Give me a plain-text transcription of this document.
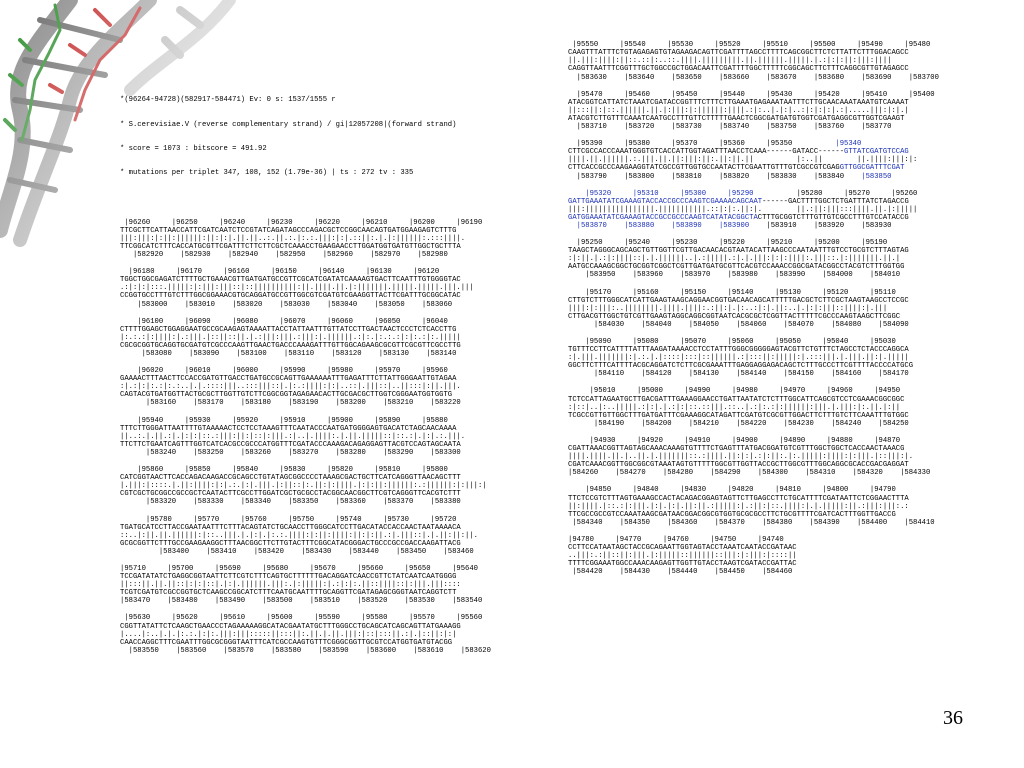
*(96264-94728)(582917-584471) Ev: 0 s: 1537/1555 r

* S.cerevisiae.V (reverse complementary strand) / gi|12057208|(forward strand)

* score = 1073 : bitscore = 491.92

* mutations per triplet 347, 108, 152 (1.79e-36) | ts : 272 tv : 335

|96260     |96250     |96240     |96230     |96220     |96210     |96200     |96190
TTCGCTTCATTAACCATTCGATCAATCTCCGTATCAGATAGCCCAGACGCTCCGGCAACAGTGATGGAAGAGTCTTTG
|||:|||:|:||:||||||:||:|:|.||.||..:.||.:.|:.:.|||:|:|.::||:.|.|:||||||:.:::||||.
TTCGGCATCTTTCACCATGCGTTCGATTTCTTCTTCGCTCAAACCTGAAGAACCTTGGATGGTGATGTTGGCTGCTTTA
|582920    |582930    |582940    |582950    |582960    |582970    |582980
|96180     |96170     |96160     |96150     |96140     |96130     |96120
TGGCTGGCGAGATCTTTTGCTGAAACGTTGATGATGCCGTTCGCATCGATATCAAAAGTGACTTCAATTTGTGGGGTAC
.:|:|:|:::.|||||:|:|||:|||::|::||||||||||:||.||||.||.|:|||||||.|||||.|||||.|||.|||
CCGGTGCCTTTGTCTTTGGCGGAAACGTGCAGGATGCCGTTGGCGTCGATGTCGAAGGTTACTTCGATTTGCGGCATAC
|583000    |583010    |583020    |583030    |583040    |583050    |583060
|96100     |96090     |96080     |96070     |96060     |96050     |96040
CTTTTGGAGCTGGAGGAATGCCGCAAGAGTAAAATTACCTATTAATTTGTTATCCTTGACTAACTCCCTCTCACCTTG
|:.:.:|:||||:|.:|||.|::||::||.|.:|||:|||.:|||:|.||||||.:|:.|:.:.:|:|:.:|:.|||||
CGCGCGGTGCAGGTGCGATGTCGCCCAAGTTGAACTGACCCAAAGATTTGTTGGCAGAAGCGCGTTCGCGTTCGCCTTG
|583080    |583090    |583100    |583110    |583120    |583130    |583140
|96020     |96010     |96000     |95990     |95980     |95970     |95960
GAAAACTTTAACTTCCACCGATGTTGACCTGATGCCGCAGTTGAAAAAATTTGAGATTTCTTATTGGGAATTGTAGAA
:|.:|:|:.:|:.:..|.|.::::|||..:::|||::|.|:.:||||:|:|..::|.|||::|..||:::|:||.|||.
CAGTACGTGATGGTTACTGCGCTTGGTTGTCTTCGGCGGTAGAGAACACTTGCGACGCTTGGTCGGGAATGGTGGTG
|583160    |583170    |583180    |583190    |583200    |583210    |583220
|95940     |95930     |95920     |95910     |95900     |95890     |95880
TTTCTTGGGATTAATTTTGTAAAAACTCCTCCTAAAGTTTCAATACCCAATGATGGGGAGTGACATCTAGCAACAAAA
||..:.|.||.:|.|:|:|::.:|||:||:|::|:|||.:|..|.||||:.|.||.|||||::|::.:|.|:|.:.|||.
TTCTTCTGAATCAGTTTGGTCATCACGCCGCCCATGGTTTCGATACCCAAAGACAGAGGAGTTACGTCCAGTAGCAATA
|583240    |583250    |583260    |583270    |583280    |583290    |583300
|95860     |95850     |95840     |95830     |95820     |95810     |95800
CATCGGTAACTTCACCAGACAAGACCGCAGCCTGTATAGCGGCCCCTAAAGCGACTGCTTCATCAGGGTTAACAGCTTT
|.|||:|::::.|.||:||||:|:|.:.|:|.|||.|:||::|:.||:|:||||.|:|:||:||||||:.:||||||:|:|||:|
CGTCGCTGCGGCCGCCGCTCAATACTTCGCCTTGGATCGCTGCGCCTACGGCAACGGCTTCGTCAGGGTTCACGTCTTT
|583320    |583330    |583340    |583350    |583360    |583370    |583380
|95780     |95770     |95760     |95750     |95740     |95730     |95720
TGATGCATCCTTACCGAATAATTTCTTTACAGTATCTGCAACCTTGGGCATCCTTGACATACCACCAACTAATAAAACA
::..|:||.||.||||||:|::..|||.|.|:|.|:.:.||||:|:||:||||:||:|:||.:|.|||::|.|.||:||:||.
GCGCGGTTCTTTGCCGAAGAAGGCTTTAACGGCTTCTTGTACTTTCGGCATACGGGACTGCCCGCCGACCAAGATTACG
|583400    |583410    |583420    |583430    |583440    |583450    |583460
|95710     |95700     |95690     |95680     |95670     |95660     |95650     |95640
TCCGATATATCTGAGGCGGTAATTCTTCGTCTTTCAGTGCTTTTTTGACAGGATCAACCGTTCTATCAATCAATGGGG
||:::||.||.||::|:|:|::|.|:|.||||||.|||:.|:|||||:|.:|:|:.||::||||::|:|||.|||::::
TCGTCGATGTCGCCGGTGCTCAAGCCGGCATCTTTCAATGCAATTTTGCAGGTTCGATAGAGCGGGTAATCAGGTCTT
|583470    |583480    |583490    |583500    |583510    |583520    |583530    |583540
|95630     |95620     |95610     |95600     |95590     |95580     |95570     |95560
CGGTTATATTCTCAAGCTGAACCCTAGAAAAAGGCATACGAATATGCTTTGGGCCTGCAGCATCAGCAGTTATGAAAGG
|....|:..|.|.|:.:.|:|:.|||:|||:::::||:::||:.||.|.||.|||:|::|:::||.:|.|::||:|:|
CAACCAGGCTTTCGAATTTGGCGCGGGTAATTTCATCGCCAAGTGTTTCGGGCGGTTGCGTCCATGGTGATGTACGG
|583550    |583560    |583570    |583580    |583590    |583600    |583610    |583620

|95550     |95540     |95530     |95520     |95510     |95500     |95490     |95480
CAAGTTTATTTCTGTAGAGAGTGTAGAAGACAGTTCGATTTTAGCCTTTTCAGCGGCTTCTCTTATTCTTTGGACAGCC
||.|||:||||:||::.::|:..::.||||.|||||||||.||.||||||.|||||.|.:|:|:||:|||:||||
CAGGTTAATTTCGGTTTGCTGGCCGCTGGACAATTCGATTTTGGCTTTTTCGGCAGCTTCTTTCAGGCGTTGTAGAGCC
|583630    |583640    |583650    |583660    |583670    |583680    |583690    |583700
|95470     |95460     |95450     |95440     |95430     |95420     |95410     |95400
ATACGGTCATTATCTAAATCGATACCGGTTTCTTTCTTGAAATGAGAAATAATTTCTTGCAACAAATAAATGTCAAAAT
||:::||:|::.||||||.||.|:|||:|:||||||:||||.:|:..|.|:|..:|:|:|:|.:|.....|||:|:|.|
ATACGTCTTGTTTCAAATCAATGCCTTTGTTCTTTTTGAACTCGGCGATGATGTGGTCGATGAGGCGTTGGTCGAAGT
|583710    |583720    |583730    |583740    |583750    |583760    |583770
|95390     |95380     |95370     |95360     |95350          |95340
CTTCGCCACCCAAATGGGTGTCACCATTGGTAGATTTAACCTCAAA------GATACC------GTTATCGATGTCCAG
||||.||.||||||.:.|||.||.||:|||:||:.||:||.||          |:..||        ||.||||:|||:|:
CTTCACCGCCCAAGAAGGTATCGCCGTTGGTGCCAATACTTCGAATTGTTTGTCGCCGTCGAGGTTGGCGATTTCGAT
|583790    |583800    |583810    |583820    |583830    |583840    |583850
|95320     |95310     |95300     |95290          |95280     |95270     |95260
GATTGAAATATCGAAAGTACCACCGCCCAAGTCGAAAACAGCAAT------GACTTTTGGCTCTGATTTATCTAGACCG
|||:||||||||||||||||.|||||||||||.::|:|:.||:|.        ||.:||:|||:::||||.||.|:|||||
GATGGAAATATCGAAAGTACCGCCGCCCAAGTCATATACGGCTACTTTGCGGTCTTTGTTGTCGCCTTTGTCCATACCG
|583870    |583880    |583890    |583900    |583910    |583920    |583930
|95250     |95240     |95230     |95220     |95210     |95200     |95190
TAAGCTAGGGCAGCAGCTGTTGGTTCGTTGACAACACGTAATACATTAAGCCCAATAATTTGTCCTGCGTCTTTAGTAG
:|:||.|.:|:||||::|.|.||||||..|.:|||||.:|.|.|||:|:|:||||:.|||::.|:|||||||.||.|
AATGCCAAAGCGGCTGCGGTCGGCTCGTTGATGATGCGTTCACGTCCAAACCGGCGATACGGCCTACGTCTTTGGTGG
|583950    |583960    |583970    |583980    |583990    |584000    |584010
|95170     |95160     |95150     |95140     |95130     |95120     |95110
CTTGTCTTTGGGCATCATTGAAGTAAGCAGGAACGGTGACAACAGCATTTTTGACGCTCTTCGCTAAGTAAGCCTCCGC
||||:|:|||:..||||||||.||||.||||:.:||:|.|:..:|:|.||:..|.|:|:|||::||||:|.|||
CTTGACGTTGGCTGTCGTTGAAGTAGGCAGGCGGTAATCACGCGCTCGGTTACTTTTTCGCCCAAGTAAGCTTCGGC
|584030    |584040    |584050    |584060    |584070    |584080    |584090
|95090     |95080     |95070     |95060     |95050     |95040     |95030
TGTTTCCTTCATTTTATTTAAGATAAAACCTCCTATTTGGGCGGGGGAGTACGTTCTGTTTCTAGCCTCTACCCAGGCA
:|.|||.|||||||:|.:.|.|::::|:::|::||||||.:|:::||:|||||:|.:::|||.|.|||.||:|.|||||
GGCTTCTTTCATTTTACGCAGGATCTCTTCGCGAAATTTGAGGAGGAGACAGCTCTTTGCCCTTCGTTTTACCCCATGCG
|584110    |584120    |584130    |584140    |584150    |584160    |584170
|95010     |95000     |94990     |94980     |94970     |94960     |94950
TCTCCATTAGAATGCTTGACGATTTGAAAGGAACCTGATTAATATCTCTTTGGCATTCAGCGTCCTCGAAACGGCGGC
:|::|..|:..|||||.:|:|.|.:|:|::.::|||.::..|.:|:.:|:||||||:|||.|.|||:|:.||.|:||
TCGCCGTTGTTGGCTTTGATGATTTCGAAAGGCATAGATTCGATGTCGCGTTGGACTTCTTTGTCTTCAAATTTGTGGC
|584190    |584200    |584210    |584220    |584230    |584240    |584250
|94930     |94920     |94910     |94900     |94890     |94880     |94870
CGATTAAACGGTTAGTAGCAAACAAAGTGTTTTCTGAGTTTATGACGGATGTCGTTTGGCTGGCTCACCAACTAAACG
||||.||||.||.|..||.|.|||||||::.:||||.||:|:|.:|:||:.|:.|||||:||||:|:|||.|::|||:|.
CGATCAAACGGTTGGCGGCGTAAATAGTGTTTTTGGCGTTGGTTACCGCTTGGCGTTTGGCAGGCGCACCGACGAGGAT
|584260    |584270    |584280    |584290    |584300    |584310    |584320    |584330
|94850     |94840     |94830     |94820     |94810     |94800     |94790
TTCTCCGTCTTTAGTGAAAGCCACTACAGACGGAGTAGTTCTTGAGCCTTCTGCATTTTCGATAATTCTCGGAACTTTA
||:||||.|::.:|:|||.|:|.|:|.||:||.:|||||:|.:||:|::.||||:|.|.|||||:||.:|||:|||:.:
TTCGCCGCCGTCCAAATAAGCGATAACGGACGGCGTGGTGCGCGCCTTCTGCGTTTTCGATCACTTTGGTTGACCG
|584340    |584350    |584360    |584370    |584380    |584390    |584400    |584410
|94780     |94770     |94760     |94750     |94740
CCTTCCATAATAGCTACCGCAGAATTGGTAGTACCTAAATCAATACCGATAAC
..|||:.:||::||:|||.|:|||||::||||||::|||:|:|||:|::::||
TTTTCGGAAATGGCCAAACAAGAGTTGGTTGTACCTAAGTCGATACCGATTAC
|584420    |584430    |584440    |584450    |584460

36
